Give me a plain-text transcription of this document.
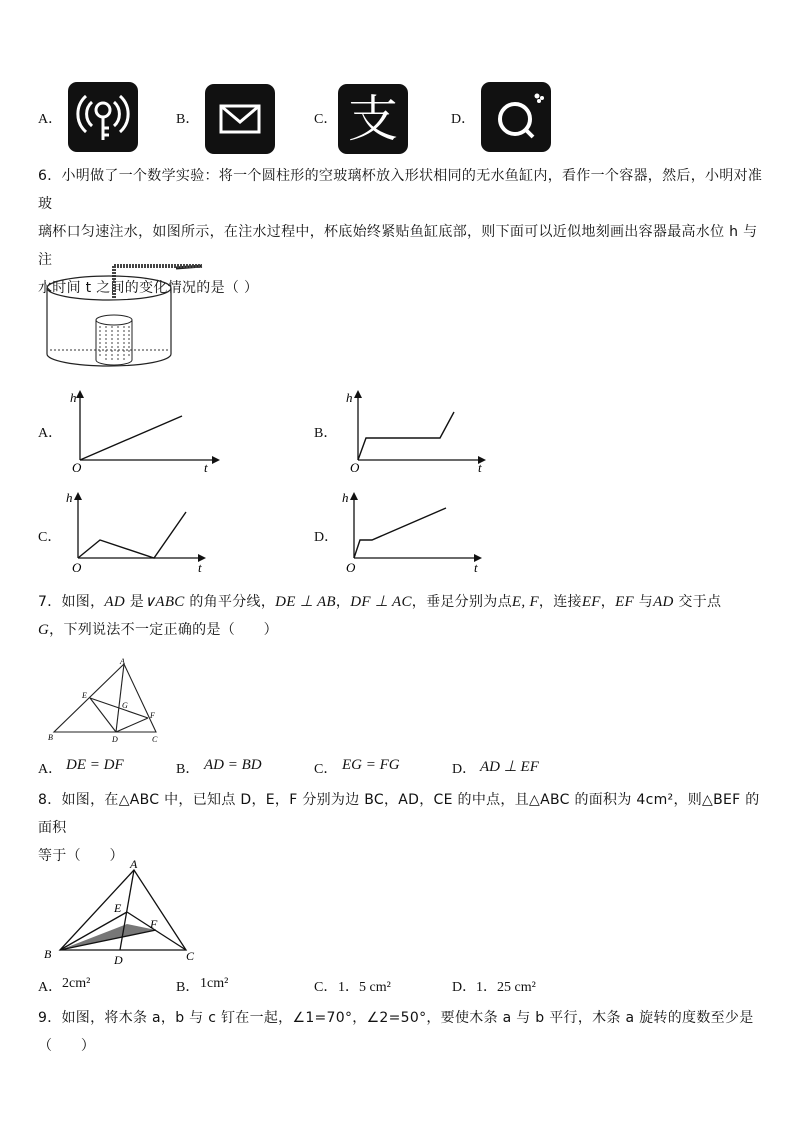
A．	B．	C． 支	D．
6．小明做了一个数学实验：将一个圆柱形的空玻璃杯放入形状相同的无水鱼缸内，看作一个容器，然后，小明对准玻
璃杯口匀速注水，如图所示，在注水过程中，杯底始终紧贴鱼缸底部，则下面可以近似地刻画出容器最高水位 h 与注
水时间 t 之间的变化情况的是（ ）
A．
h
t
O
B．
h
t
O
C．
h
t
O
D．
h
t
O
7．如图，AD 是∨ABC 的角平分线，DE ⊥ AB，DF ⊥ AC，垂足分别为点E, F，连接EF，EF 与AD 交于点
G，下列说法不一定正确的是（　　）
A
E
G
F
B	D	C
A． DE = DF	B． AD = BD	C． EG = FG	D． AD ⊥ EF
8．如图，在△ABC 中，已知点 D，E，F 分别为边 BC，AD，CE 的中点，且△ABC 的面积为 4cm²，则△BEF 的面积
等于（　　） A
E
F
B	D	C
A． 2cm²	B． 1cm²	C． 1．5 cm²	D． 1．25 cm²
9．如图，将木条 a，b 与 c 钉在一起，∠1=70°，∠2=50°，要使木条 a 与 b 平行，木条 a 旋转的度数至少是（　　）
